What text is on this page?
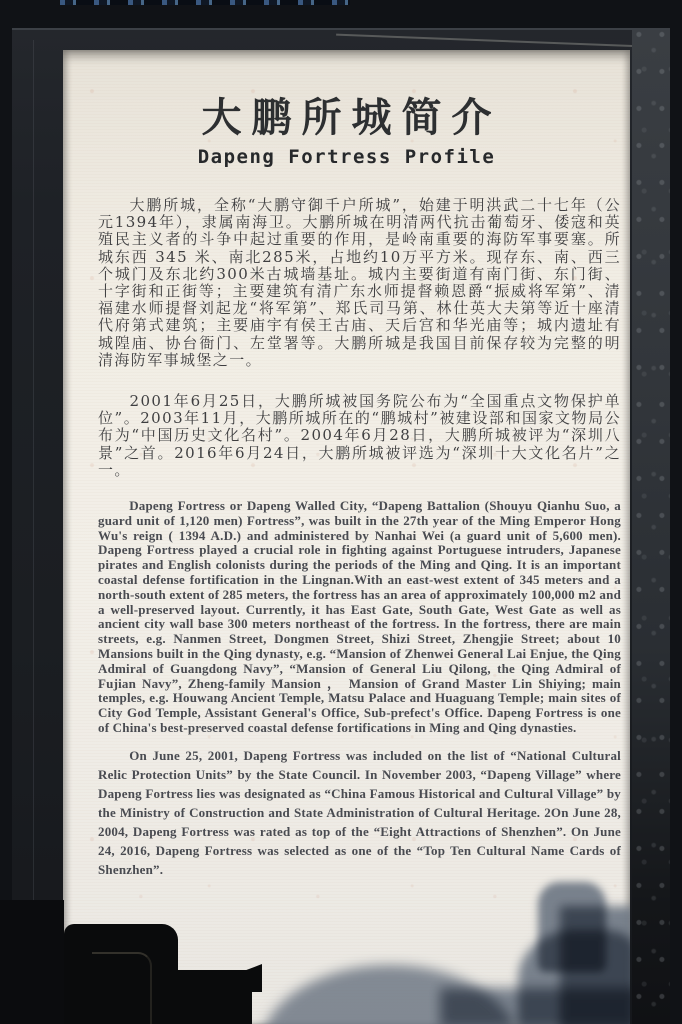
大鹏所城简介
Dapeng Fortress Profile

大鹏所城，全称“大鹏守御千户所城”，始建于明洪武二十七年（公元1394年），隶属南海卫。大鹏所城在明清两代抗击葡萄牙、倭寇和英殖民主义者的斗争中起过重要的作用，是岭南重要的海防军事要塞。所城东西 345 米、南北285米，占地约10万平方米。现存东、南、西三个城门及东北约300米古城墙基址。城内主要街道有南门街、东门街、十字街和正街等；主要建筑有清广东水师提督赖恩爵“振威将军第”、清福建水师提督刘起龙“将军第”、郑氏司马第、林仕英大夫第等近十座清代府第式建筑；主要庙宇有侯王古庙、天后宫和华光庙等；城内遗址有城隍庙、协台衙门、左堂署等。大鹏所城是我国目前保存较为完整的明清海防军事城堡之一。

2001年6月25日，大鹏所城被国务院公布为“全国重点文物保护单位”。2003年11月，大鹏所城所在的“鹏城村”被建设部和国家文物局公布为“中国历史文化名村”。2004年6月28日，大鹏所城被评为“深圳八景”之首。2016年6月24日，大鹏所城被评选为“深圳十大文化名片”之一。

Dapeng Fortress or Dapeng Walled City, “Dapeng Battalion (Shouyu Qianhu Suo, a guard unit of 1,120 men) Fortress”, was built in the 27th year of the Ming Emperor Hong Wu's reign ( 1394 A.D.) and administered by Nanhai Wei (a guard unit of 5,600 men). Dapeng Fortress played a crucial role in fighting against Portuguese intruders, Japanese pirates and English colonists during the periods of the Ming and Qing. It is an important coastal defense fortification in the Lingnan.With an east-west extent of 345 meters and a north-south extent of 285 meters, the fortress has an area of approximately 100,000 m2 and a well-preserved layout. Currently, it has East Gate, South Gate, West Gate as well as ancient city wall base 300 meters northeast of the fortress. In the fortress, there are main streets, e.g. Nanmen Street, Dongmen Street, Shizi Street, Zhengjie Street; about 10 Mansions built in the Qing dynasty, e.g. “Mansion of Zhenwei General Lai Enjue, the Qing Admiral of Guangdong Navy”, “Mansion of General Liu Qilong, the Qing Admiral of Fujian Navy”, Zheng-family Mansion ， Mansion of Grand Master Lin Shiying; main temples, e.g. Houwang Ancient Temple, Matsu Palace and Huaguang Temple; main sites of City God Temple, Assistant General's Office, Sub-prefect's Office. Dapeng Fortress is one of China's best-preserved coastal defense fortifications in Ming and Qing dynasties.

On June 25, 2001, Dapeng Fortress was included on the list of “National Cultural Relic Protection Units” by the State Council. In November 2003, “Dapeng Village” where Dapeng Fortress lies was designated as “China Famous Historical and Cultural Village” by the Ministry of Construction and State Administration of Cultural Heritage. 2On June 28, 2004, Dapeng Fortress was rated as top of the “Eight Attractions of Shenzhen”. On June 24, 2016, Dapeng Fortress was selected as one of the “Top Ten Cultural Name Cards of Shenzhen”.
